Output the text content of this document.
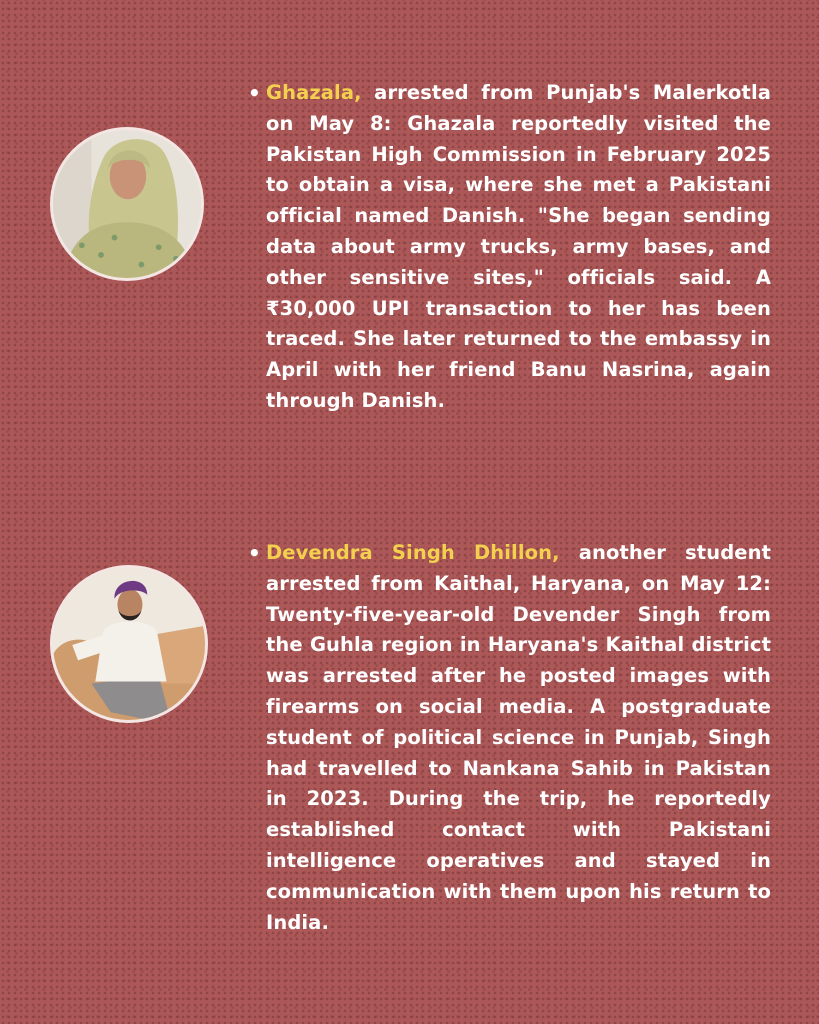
• Ghazala, arrested from Punjab's Malerkotla on May 8: Ghazala reportedly visited the Pakistan High Commission in February 2025 to obtain a visa, where she met a Pakistani official named Danish. "She began sending data about army trucks, army bases, and other sensitive sites," officials said. A ₹30,000 UPI transaction to her has been traced. She later returned to the embassy in April with her friend Banu Nasrina, again through Danish.

• Devendra Singh Dhillon, another student arrested from Kaithal, Haryana, on May 12: Twenty-five-year-old Devender Singh from the Guhla region in Haryana's Kaithal district was arrested after he posted images with firearms on social media. A postgraduate student of political science in Punjab, Singh had travelled to Nankana Sahib in Pakistan in 2023. During the trip, he reportedly established contact with Pakistani intelligence operatives and stayed in communication with them upon his return to India.
